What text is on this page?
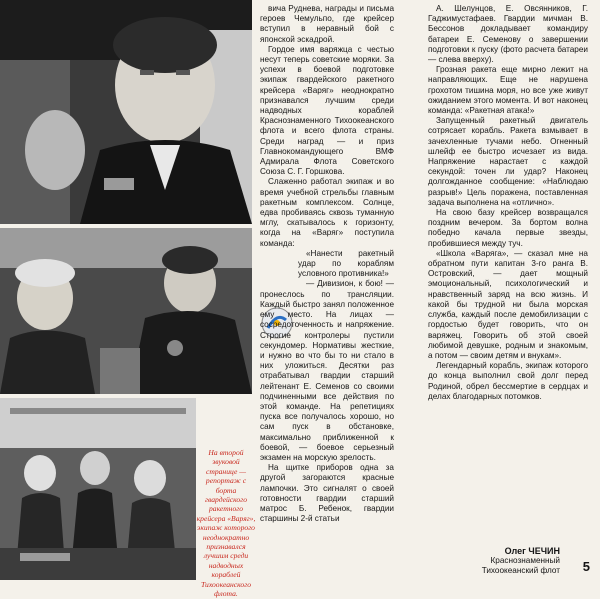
На второй звуковой странице — репортаж с борта гвардейского ракетного крейсера «Варяг», экипаж которого неоднократно признавался лучшим среди надводных кораблей Тихоокеанского флота.

вича Руднева, награды и письма героев Чемульпо, где крейсер вступил в неравный бой с японской эскадрой.

Гордое имя варяжца с честью несут теперь советские моряки. За успехи в боевой подготовке экипаж гвардейского ракетного крейсера «Варяг» неоднократно признавался лучшим среди надводных кораблей Краснознаменного Тихоокеанского флота и всего флота страны. Среди наград — и приз Главнокомандующего ВМФ Адмирала Флота Советского Союза С. Г. Горшкова.

Слаженно работал экипаж и во время учебной стрельбы главным ракетным комплексом. Солнце, едва пробиваясь сквозь туманную мглу, скатывалось к горизонту, когда на «Варяг» поступила команда:

«Нанести ракетный удар по кораблям условного противника!»

— Дивизион, к бою! — пронеслось по трансляции. Каждый быстро занял положенное ему место. На лицах — сосредоточенность и напряжение. Строгие контролеры пустили секундомер. Нормативы жесткие, и нужно во что бы то ни стало в них уложиться. Десятки раз отрабатывал гвардии старший лейтенант Е. Семенов со своими подчиненными все действия по этой команде. На репетициях пуска все получалось хорошо, но сам пуск в обстановке, максимально приближенной к боевой, — боевое серьезный экзамен на морскую зрелость.

На щитке приборов одна за другой загораются красные лампочки. Это сигналят о своей готовности гвардии старший матрос Б. Ребенок, гвардии старшины 2-й статьи

А. Шелунцов, Е. Овсянников, Г. Гаджимустафаев. Гвардии мичман В. Бессонов докладывает командиру батареи Е. Семенову о завершении подготовки к пуску (фото расчета батареи — слева вверху).

Грозная ракета еще мирно лежит на направляющих. Еще не нарушена грохотом тишина моря, но все уже живут ожиданием этого момента. И вот наконец команда: «Ракетная атака!»

Запущенный ракетный двигатель сотрясает корабль. Ракета взмывает в зачехленные тучами небо. Огненный шлейф ее быстро исчезает из вида. Напряжение нарастает с каждой секундой: точен ли удар? Наконец долгожданное сообщение: «Наблюдаю разрыв!» Цель поражена, поставленная задача выполнена на «отлично».

На свою базу крейсер возвращался поздним вечером. За бортом волна победно качала первые звезды, пробившиеся между туч.

«Школа «Варяга», — сказал мне на обратном пути капитан 3-го ранга В. Островский, — дает мощный эмоциональный, психологический и нравственный заряд на всю жизнь. И какой бы трудной ни была морская служба, каждый после демобилизации с гордостью будет говорить, что он варяжец. Говорить об этой своей любимой девушке, родным и знакомым, а потом — своим детям и внукам».

Легендарный корабль, экипаж которого до конца выполнил свой долг перед Родиной, обрел бессмертие в сердцах и делах благодарных потомков.

Олег ЧЕЧИН
Краснознаменный
Тихоокеанский флот 5
